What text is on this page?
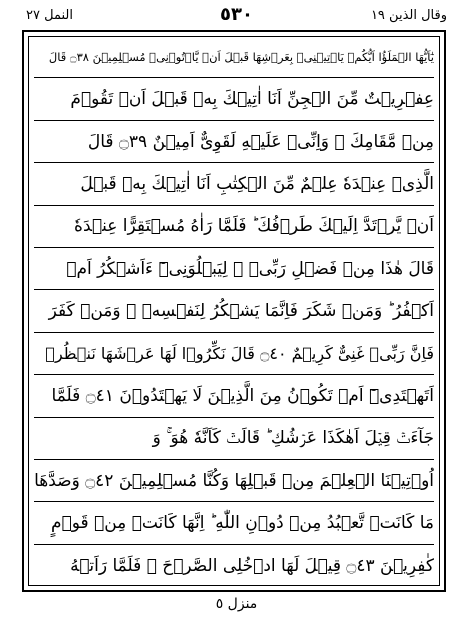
النمل ٢٧	٥٣٠	وقال الذين ١٩
يٰٓاَيُّهَا الۡمَلَؤُا اَيُّكُمۡ يَاۡتِيۡنِىۡ بِعَرۡشِهَا قَبۡلَ اَنۡ يَّاۡتُوۡنِىۡ مُسۡلِمِيۡنَ ۝٣٨ قَالَ
عِفۡرِيۡتٌ مِّنَ الۡجِنِّ اَنَا اٰتِيۡكَ بِهٖ قَبۡلَ اَنۡ تَقُوۡمَ
مِنۡ مَّقَامِكَ ۚ وَاِنِّىۡ عَلَيۡهِ لَقَوِىٌّ اَمِيۡنٌ ۝٣٩ قَالَ
الَّذِىۡ عِنۡدَهٗ عِلۡمٌ مِّنَ الۡكِتٰبِ اَنَا اٰتِيۡكَ بِهٖ قَبۡلَ
اَنۡ يَّرۡتَدَّ اِلَيۡكَ طَرۡفُكَ ؕ فَلَمَّا رَاٰهُ مُسۡتَقِرًّا عِنۡدَهٗ
قَالَ هٰذَا مِنۡ فَضۡلِ رَبِّىۡ ۖ لِيَبۡلُوَنِىۡٓ ءَاَشۡكُرُ اَمۡ
اَكۡفُرُ ؕ وَمَنۡ شَكَرَ فَاِنَّمَا يَشۡكُرُ لِنَفۡسِهٖ ۚ وَمَنۡ كَفَرَ
فَاِنَّ رَبِّىۡ غَنِىٌّ كَرِيۡمٌ ۝٤٠ قَالَ نَكِّرُوۡا لَهَا عَرۡشَهَا نَنۡظُرۡ
اَتَهۡتَدِىۡٓ اَمۡ تَكُوۡنُ مِنَ الَّذِيۡنَ لَا يَهۡتَدُوۡنَ ۝٤١ فَلَمَّا
جَآءَتۡ قِيۡلَ اَهٰكَذَا عَرۡشُكِ ؕ قَالَتۡ كَاَنَّهٗ هُوَ ۚ وَ
اُوۡتِيۡنَا الۡعِلۡمَ مِنۡ قَبۡلِهَا وَكُنَّا مُسۡلِمِيۡنَ ۝٤٢ وَصَدَّهَا
مَا كَانَتۡ تَّعۡبُدُ مِنۡ دُوۡنِ اللّٰهِ ؕ اِنَّهَا كَانَتۡ مِنۡ قَوۡمٍ
كٰفِرِيۡنَ ۝٤٣ قِيۡلَ لَهَا ادۡخُلِى الصَّرۡحَ ۚ فَلَمَّا رَاَتۡهُ
منزل ٥
